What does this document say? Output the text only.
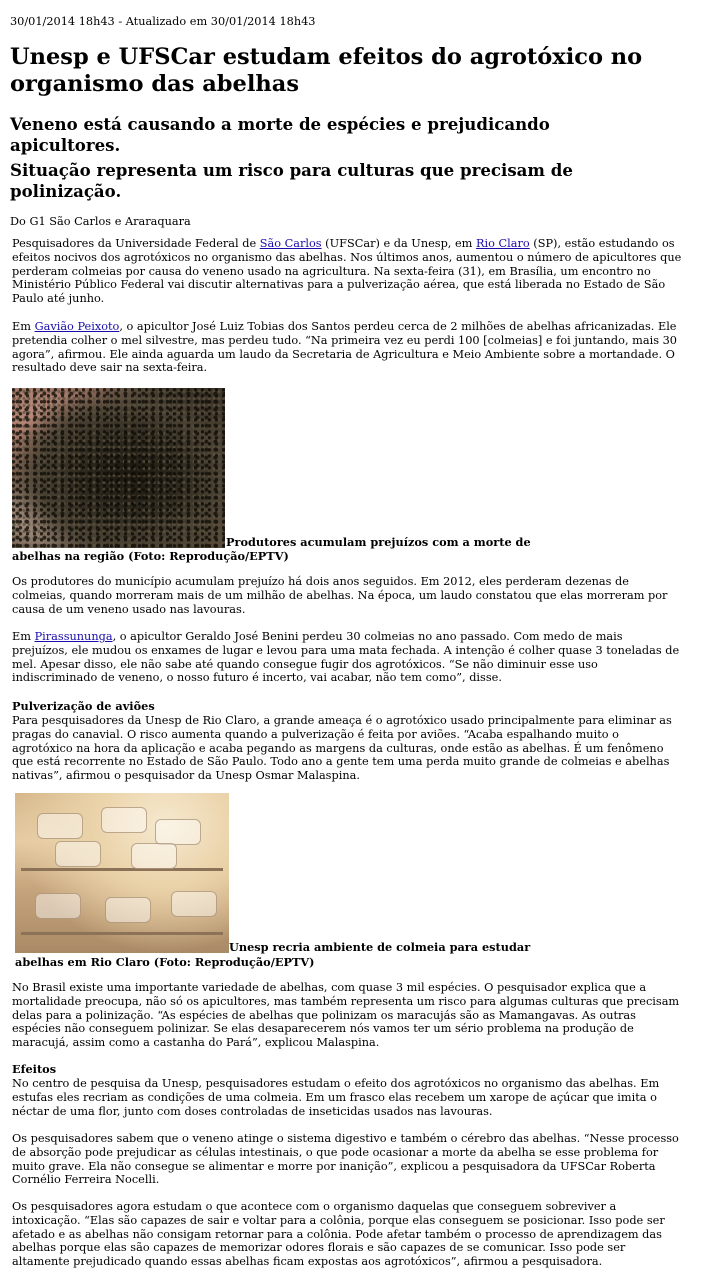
30/01/2014 18h43 - Atualizado em 30/01/2014 18h43
Unesp e UFSCar estudam efeitos do agrotóxico no organismo das abelhas

Veneno está causando a morte de espécies e prejudicando apicultores.

Situação representa um risco para culturas que precisam de polinização.

Do G1 São Carlos e Araraquara

Pesquisadores da Universidade Federal de São Carlos (UFSCar) e da Unesp, em Rio Claro (SP), estão estudando os efeitos nocivos dos agrotóxicos no organismo das abelhas. Nos últimos anos, aumentou o número de apicultores que perderam colmeias por causa do veneno usado na agricultura. Na sexta-feira (31), em Brasília, um encontro no Ministério Público Federal vai discutir alternativas para a pulverização aérea, que está liberada no Estado de São Paulo até junho.

Em Gavião Peixoto, o apicultor José Luiz Tobias dos Santos perdeu cerca de 2 milhões de abelhas africanizadas. Ele pretendia colher o mel silvestre, mas perdeu tudo. “Na primeira vez eu perdi 100 [colmeias] e foi juntando, mais 30 agora”, afirmou. Ele ainda aguarda um laudo da Secretaria de Agricultura e Meio Ambiente sobre a mortandade. O resultado deve sair na sexta-feira.

Produtores acumulam prejuízos com a morte de

abelhas na região (Foto: Reprodução/EPTV)

Os produtores do município acumulam prejuízo há dois anos seguidos. Em 2012, eles perderam dezenas de colmeias, quando morreram mais de um milhão de abelhas. Na época, um laudo constatou que elas morreram por causa de um veneno usado nas lavouras.

Em Pirassununga, o apicultor Geraldo José Benini perdeu 30 colmeias no ano passado. Com medo de mais prejuízos, ele mudou os enxames de lugar e levou para uma mata fechada. A intenção é colher quase 3 toneladas de mel. Apesar disso, ele não sabe até quando consegue fugir dos agrotóxicos. “Se não diminuir esse uso indiscriminado de veneno, o nosso futuro é incerto, vai acabar, não tem como”, disse.

Pulverização de aviões

Para pesquisadores da Unesp de Rio Claro, a grande ameaça é o agrotóxico usado principalmente para eliminar as pragas do canavial. O risco aumenta quando a pulverização é feita por aviões. “Acaba espalhando muito o agrotóxico na hora da aplicação e acaba pegando as margens da culturas, onde estão as abelhas. É um fenômeno que está recorrente no Estado de São Paulo. Todo ano a gente tem uma perda muito grande de colmeias e abelhas nativas”, afirmou o pesquisador da Unesp Osmar Malaspina.

Unesp recria ambiente de colmeia para estudar

abelhas em Rio Claro (Foto: Reprodução/EPTV)

No Brasil existe uma importante variedade de abelhas, com quase 3 mil espécies. O pesquisador explica que a mortalidade preocupa, não só os apicultores, mas também representa um risco para algumas culturas que precisam delas para a polinização. “As espécies de abelhas que polinizam os maracujás são as Mamangavas. As outras espécies não conseguem polinizar. Se elas desaparecerem nós vamos ter um sério problema na produção de maracujá, assim como a castanha do Pará”, explicou Malaspina.

Efeitos

No centro de pesquisa da Unesp, pesquisadores estudam o efeito dos agrotóxicos no organismo das abelhas. Em estufas eles recriam as condições de uma colmeia. Em um frasco elas recebem um xarope de açúcar que imita o néctar de uma flor, junto com doses controladas de inseticidas usados nas lavouras.

Os pesquisadores sabem que o veneno atinge o sistema digestivo e também o cérebro das abelhas. “Nesse processo de absorção pode prejudicar as células intestinais, o que pode ocasionar a morte da abelha se esse problema for muito grave. Ela não consegue se alimentar e morre por inanição”, explicou a pesquisadora da UFSCar Roberta Cornélio Ferreira Nocelli.

Os pesquisadores agora estudam o que acontece com o organismo daquelas que conseguem sobreviver a intoxicação. “Elas são capazes de sair e voltar para a colônia, porque elas conseguem se posicionar. Isso pode ser afetado e as abelhas não consigam retornar para a colônia. Pode afetar também o processo de aprendizagem das abelhas porque elas são capazes de memorizar odores florais e são capazes de se comunicar. Isso pode ser altamente prejudicado quando essas abelhas ficam expostas aos agrotóxicos”, afirmou a pesquisadora.
